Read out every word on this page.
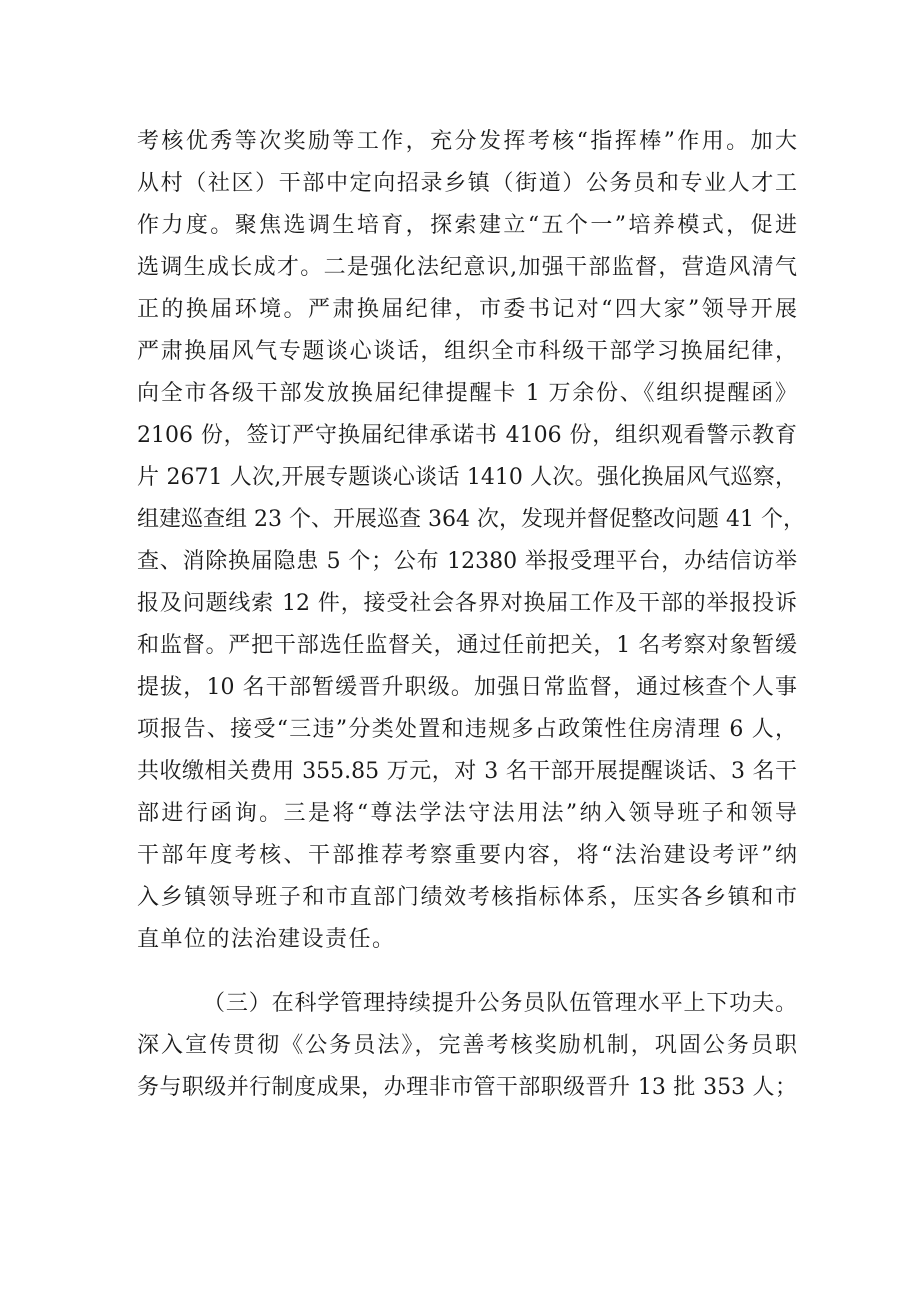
考核优秀等次奖励等工作，充分发挥考核“指挥棒”作用。加大
从村（社区）干部中定向招录乡镇（街道）公务员和专业人才工
作力度。聚焦选调生培育，探索建立“五个一”培养模式，促进
选调生成长成才。二是强化法纪意识,加强干部监督，营造风清气
正的换届环境。严肃换届纪律，市委书记对“四大家”领导开展
严肃换届风气专题谈心谈话，组织全市科级干部学习换届纪律，
向全市各级干部发放换届纪律提醒卡 1 万余份、《组织提醒函》
2106 份，签订严守换届纪律承诺书 4106 份，组织观看警示教育
片 2671 人次,开展专题谈心谈话 1410 人次。强化换届风气巡察，
组建巡查组 23 个、开展巡查 364 次，发现并督促整改问题 41 个，
查、消除换届隐患 5 个；公布 12380 举报受理平台，办结信访举
报及问题线索 12 件，接受社会各界对换届工作及干部的举报投诉
和监督。严把干部选任监督关，通过任前把关，1 名考察对象暂缓
提拔，10 名干部暂缓晋升职级。加强日常监督，通过核查个人事
项报告、接受“三违”分类处置和违规多占政策性住房清理 6 人，
共收缴相关费用 355.85 万元，对 3 名干部开展提醒谈话、3 名干
部进行函询。三是将“尊法学法守法用法”纳入领导班子和领导
干部年度考核、干部推荐考察重要内容，将“法治建设考评”纳
入乡镇领导班子和市直部门绩效考核指标体系，压实各乡镇和市
直单位的法治建设责任。
（三）在科学管理持续提升公务员队伍管理水平上下功夫。
深入宣传贯彻《公务员法》，完善考核奖励机制，巩固公务员职
务与职级并行制度成果，办理非市管干部职级晋升 13 批 353 人；
